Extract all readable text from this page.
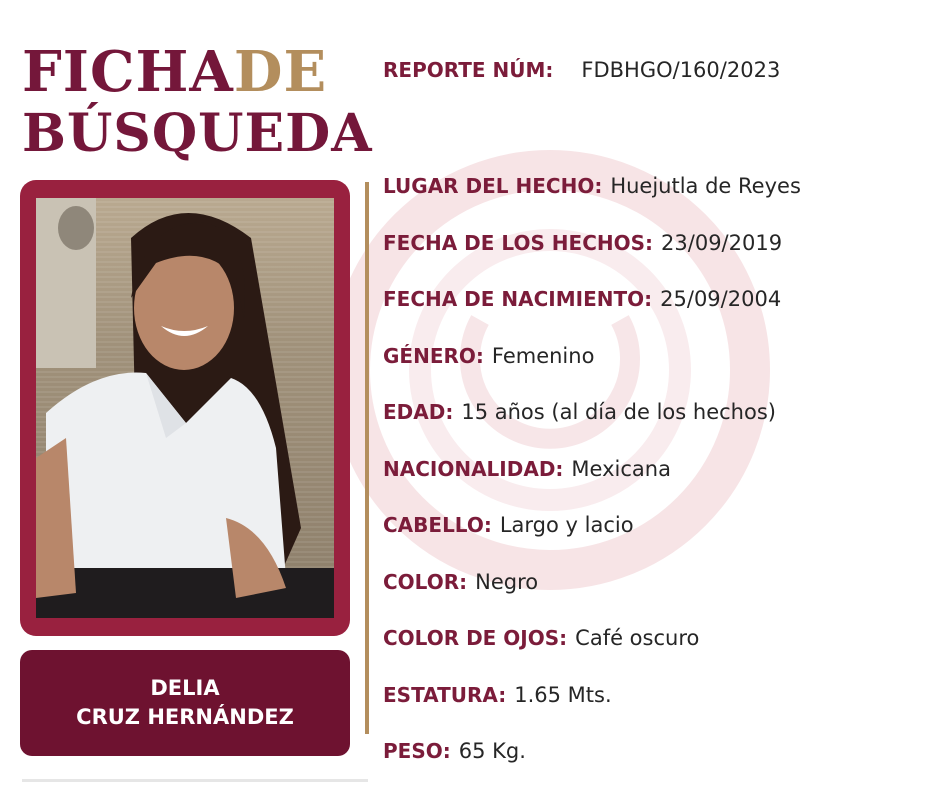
FICHADE
BÚSQUEDA
REPORTE NÚM: FDBHGO/160/2023
DELIA
CRUZ HERNÁNDEZ
LUGAR DEL HECHO: Huejutla de Reyes
FECHA DE LOS HECHOS: 23/09/2019
FECHA DE NACIMIENTO: 25/09/2004
GÉNERO: Femenino
EDAD: 15 años (al día de los hechos)
NACIONALIDAD: Mexicana
CABELLO: Largo y lacio
COLOR: Negro
COLOR DE OJOS: Café oscuro
ESTATURA: 1.65 Mts.
PESO: 65 Kg.
